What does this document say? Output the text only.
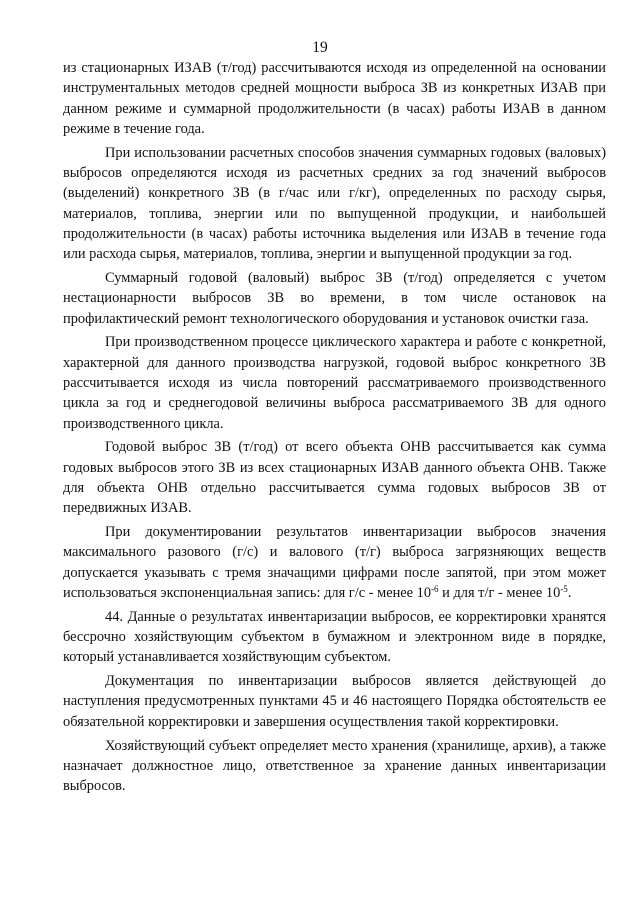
19

из стационарных ИЗАВ (т/год) рассчитываются исходя из определенной на основании инструментальных методов средней мощности выброса ЗВ из конкретных ИЗАВ при данном режиме и суммарной продолжительности (в часах) работы ИЗАВ в данном режиме в течение года.

При использовании расчетных способов значения суммарных годовых (валовых) выбросов определяются исходя из расчетных средних за год значений выбросов (выделений) конкретного ЗВ (в г/час или г/кг), определенных по расходу сырья, материалов, топлива, энергии или по выпущенной продукции, и наибольшей продолжительности (в часах) работы источника выделения или ИЗАВ в течение года или расхода сырья, материалов, топлива, энергии и выпущенной продукции за год.

Суммарный годовой (валовый) выброс ЗВ (т/год) определяется с учетом нестационарности выбросов ЗВ во времени, в том числе остановок на профилактический ремонт технологического оборудования и установок очистки газа.

При производственном процессе циклического характера и работе с конкретной, характерной для данного производства нагрузкой, годовой выброс конкретного ЗВ рассчитывается исходя из числа повторений рассматриваемого производственного цикла за год и среднегодовой величины выброса рассматриваемого ЗВ для одного производственного цикла.

Годовой выброс ЗВ (т/год) от всего объекта ОНВ рассчитывается как сумма годовых выбросов этого ЗВ из всех стационарных ИЗАВ данного объекта ОНВ. Также для объекта ОНВ отдельно рассчитывается сумма годовых выбросов ЗВ от передвижных ИЗАВ.

При документировании результатов инвентаризации выбросов значения максимального разового (г/с) и валового (т/г) выброса загрязняющих веществ допускается указывать с тремя значащими цифрами после запятой, при этом может использоваться экспоненциальная запись: для г/с - менее $10^{-6}$ и для т/г - менее $10^{-5}$.

44. Данные о результатах инвентаризации выбросов, ее корректировки хранятся бессрочно хозяйствующим субъектом в бумажном и электронном виде в порядке, который устанавливается хозяйствующим субъектом.

Документация по инвентаризации выбросов является действующей до наступления предусмотренных пунктами 45 и 46 настоящего Порядка обстоятельств ее обязательной корректировки и завершения осуществления такой корректировки.

Хозяйствующий субъект определяет место хранения (хранилище, архив), а также назначает должностное лицо, ответственное за хранение данных инвентаризации выбросов.
